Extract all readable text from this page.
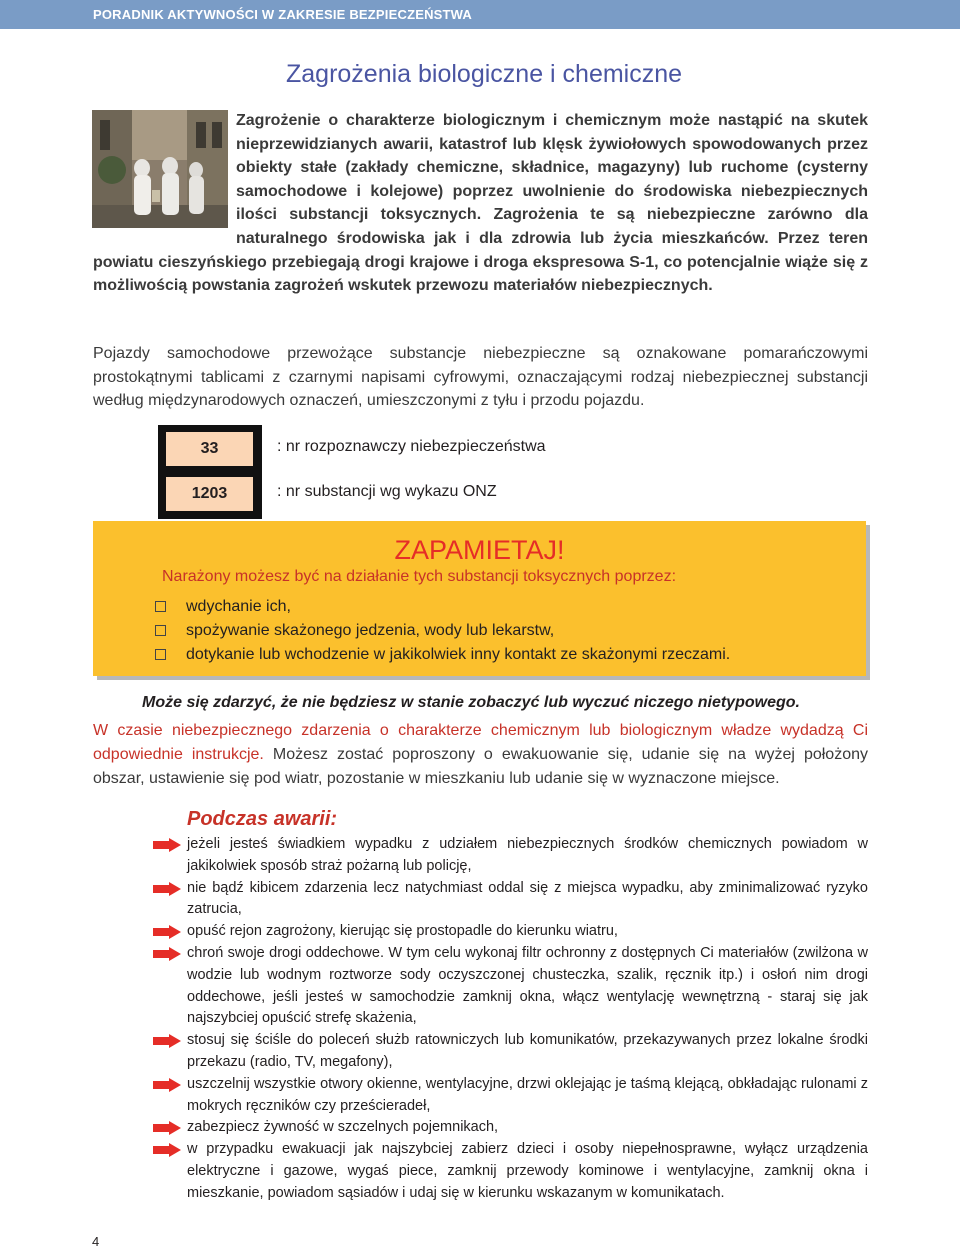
PORADNIK AKTYWNOŚCI W ZAKRESIE BEZPIECZEŃSTWA
Zagrożenia biologiczne i chemiczne
Zagrożenie o charakterze biologicznym i chemicznym może nastąpić na skutek nieprzewidzianych awarii, katastrof lub klęsk żywiołowych spowodowanych przez obiekty stałe (zakłady chemiczne, składnice, magazyny) lub ruchome (cysterny samochodowe i kolejowe) poprzez uwolnienie do środowiska niebezpiecznych ilości substancji toksycznych. Zagrożenia te są niebezpieczne zarówno dla naturalnego środowiska jak i dla zdrowia lub życia mieszkańców. Przez teren powiatu cieszyńskiego przebiegają drogi krajowe i droga ekspresowa S-1, co potencjalnie wiąże się z możliwością powstania zagrożeń wskutek przewozu materiałów niebezpiecznych.
Pojazdy samochodowe przewożące substancje niebezpieczne są oznakowane pomarańczowymi prostokątnymi tablicami z czarnymi napisami cyfrowymi, oznaczającymi rodzaj niebezpiecznej substancji według międzynarodowych oznaczeń, umieszczonymi z tyłu i przodu pojazdu.
33
1203
: nr rozpoznawczy niebezpieczeństwa
: nr substancji wg wykazu ONZ
ZAPAMIETAJ!
Narażony możesz być na działanie tych substancji toksycznych poprzez:
wdychanie ich,
spożywanie skażonego jedzenia, wody lub lekarstw,
dotykanie lub wchodzenie w jakikolwiek inny kontakt ze skażonymi rzeczami.
Może się zdarzyć, że nie będziesz w stanie zobaczyć lub wyczuć niczego nietypowego.
W czasie niebezpiecznego zdarzenia o charakterze chemicznym lub biologicznym władze wydadzą Ci odpowiednie instrukcje. Możesz zostać poproszony o ewakuowanie się, udanie się na wyżej położony obszar, ustawienie się pod wiatr, pozostanie w mieszkaniu lub udanie się w wyznaczone miejsce.
Podczas awarii:
jeżeli jesteś świadkiem wypadku z udziałem niebezpiecznych środków chemicznych powiadom w jakikolwiek sposób straż pożarną lub policję,
nie bądź kibicem zdarzenia lecz natychmiast oddal się z miejsca wypadku, aby zminimalizować ryzyko zatrucia,
opuść rejon zagrożony, kierując się prostopadle do kierunku wiatru,
chroń swoje drogi oddechowe. W tym celu wykonaj filtr ochronny z dostępnych Ci materiałów (zwilżona w wodzie lub wodnym roztworze sody oczyszczonej chusteczka, szalik, ręcznik itp.) i osłoń nim drogi oddechowe, jeśli jesteś w samochodzie zamknij okna, włącz wentylację wewnętrzną - staraj się jak najszybciej opuścić strefę skażenia,
stosuj się ściśle do poleceń służb ratowniczych lub komunikatów, przekazywanych przez lokalne środki przekazu (radio, TV, megafony),
uszczelnij wszystkie otwory okienne, wentylacyjne, drzwi oklejając je taśmą klejącą, obkładając rulonami z mokrych ręczników czy prześcieradeł,
zabezpiecz żywność w szczelnych pojemnikach,
w przypadku ewakuacji jak najszybciej zabierz dzieci i osoby niepełnosprawne, wyłącz urządzenia elektryczne i gazowe, wygaś piece, zamknij przewody kominowe i wentylacyjne, zamknij okna i mieszkanie, powiadom sąsiadów i udaj się w kierunku wskazanym w komunikatach.
4
